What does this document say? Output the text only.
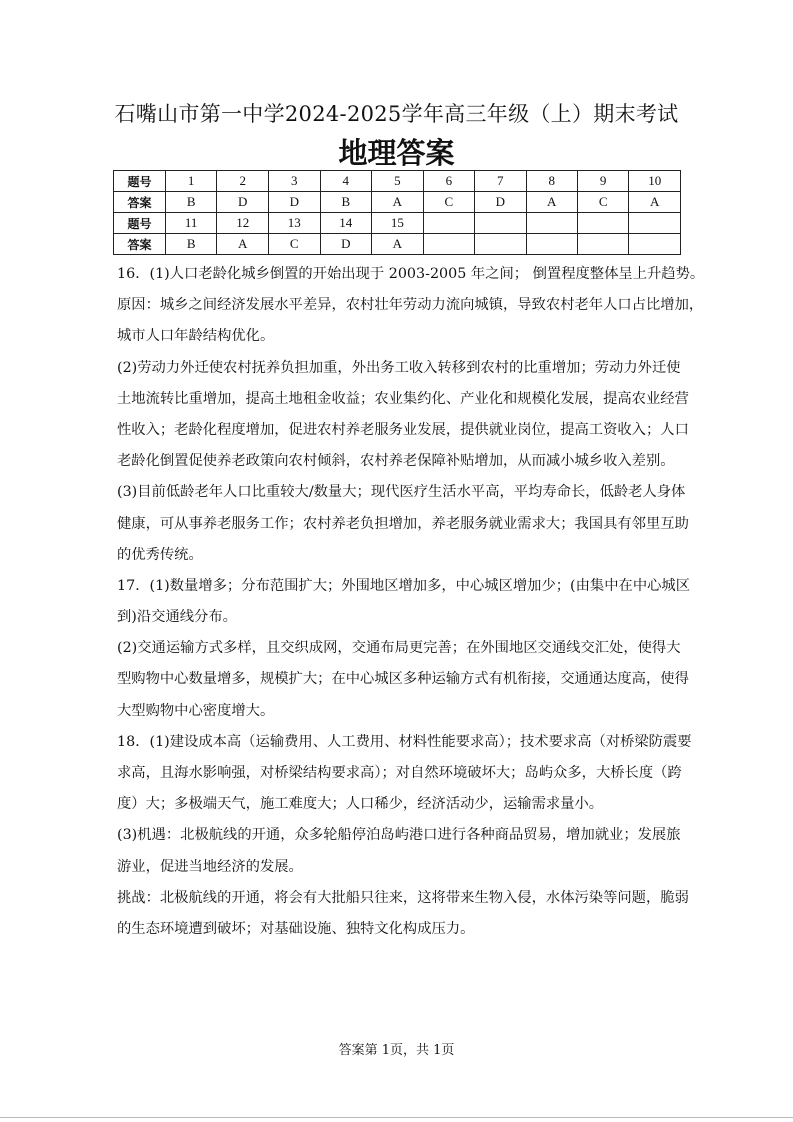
石嘴山市第一中学2024-2025学年高三年级（上）期末考试
地理答案
题号	1	2	3	4	5	6	7	8	9	10
答案	B	D	D	B	A	C	D	A	C	A
题号	11	12	13	14	15					
答案	B	A	C	D	A					
16．(1)人口老龄化城乡倒置的开始出现于 2003-2005 年之间； 倒置程度整体呈上升趋势。
原因：城乡之间经济发展水平差异，农村壮年劳动力流向城镇，导致农村老年人口占比增加，
城市人口年龄结构优化。
(2)劳动力外迁使农村抚养负担加重，外出务工收入转移到农村的比重增加；劳动力外迁使
土地流转比重增加，提高土地租金收益；农业集约化、产业化和规模化发展，提高农业经营
性收入；老龄化程度增加，促进农村养老服务业发展，提供就业岗位，提高工资收入；人口
老龄化倒置促使养老政策向农村倾斜，农村养老保障补贴增加，从而减小城乡收入差别。
(3)目前低龄老年人口比重较大/数量大；现代医疗生活水平高，平均寿命长，低龄老人身体
健康，可从事养老服务工作；农村养老负担增加，养老服务就业需求大；我国具有邻里互助
的优秀传统。
17．(1)数量增多；分布范围扩大；外围地区增加多，中心城区增加少；(由集中在中心城区
到)沿交通线分布。
(2)交通运输方式多样，且交织成网，交通布局更完善；在外围地区交通线交汇处，使得大
型购物中心数量增多，规模扩大；在中心城区多种运输方式有机衔接，交通通达度高，使得
大型购物中心密度增大。
18．(1)建设成本高（运输费用、人工费用、材料性能要求高）；技术要求高（对桥梁防震要
求高，且海水影响强，对桥梁结构要求高）；对自然环境破坏大；岛屿众多，大桥长度（跨
度）大；多极端天气，施工难度大；人口稀少，经济活动少，运输需求量小。
(3)机遇：北极航线的开通，众多轮船停泊岛屿港口进行各种商品贸易，增加就业；发展旅
游业，促进当地经济的发展。
挑战：北极航线的开通，将会有大批船只往来，这将带来生物入侵，水体污染等问题，脆弱
的生态环境遭到破坏；对基础设施、独特文化构成压力。
答案第 1页，共 1页
